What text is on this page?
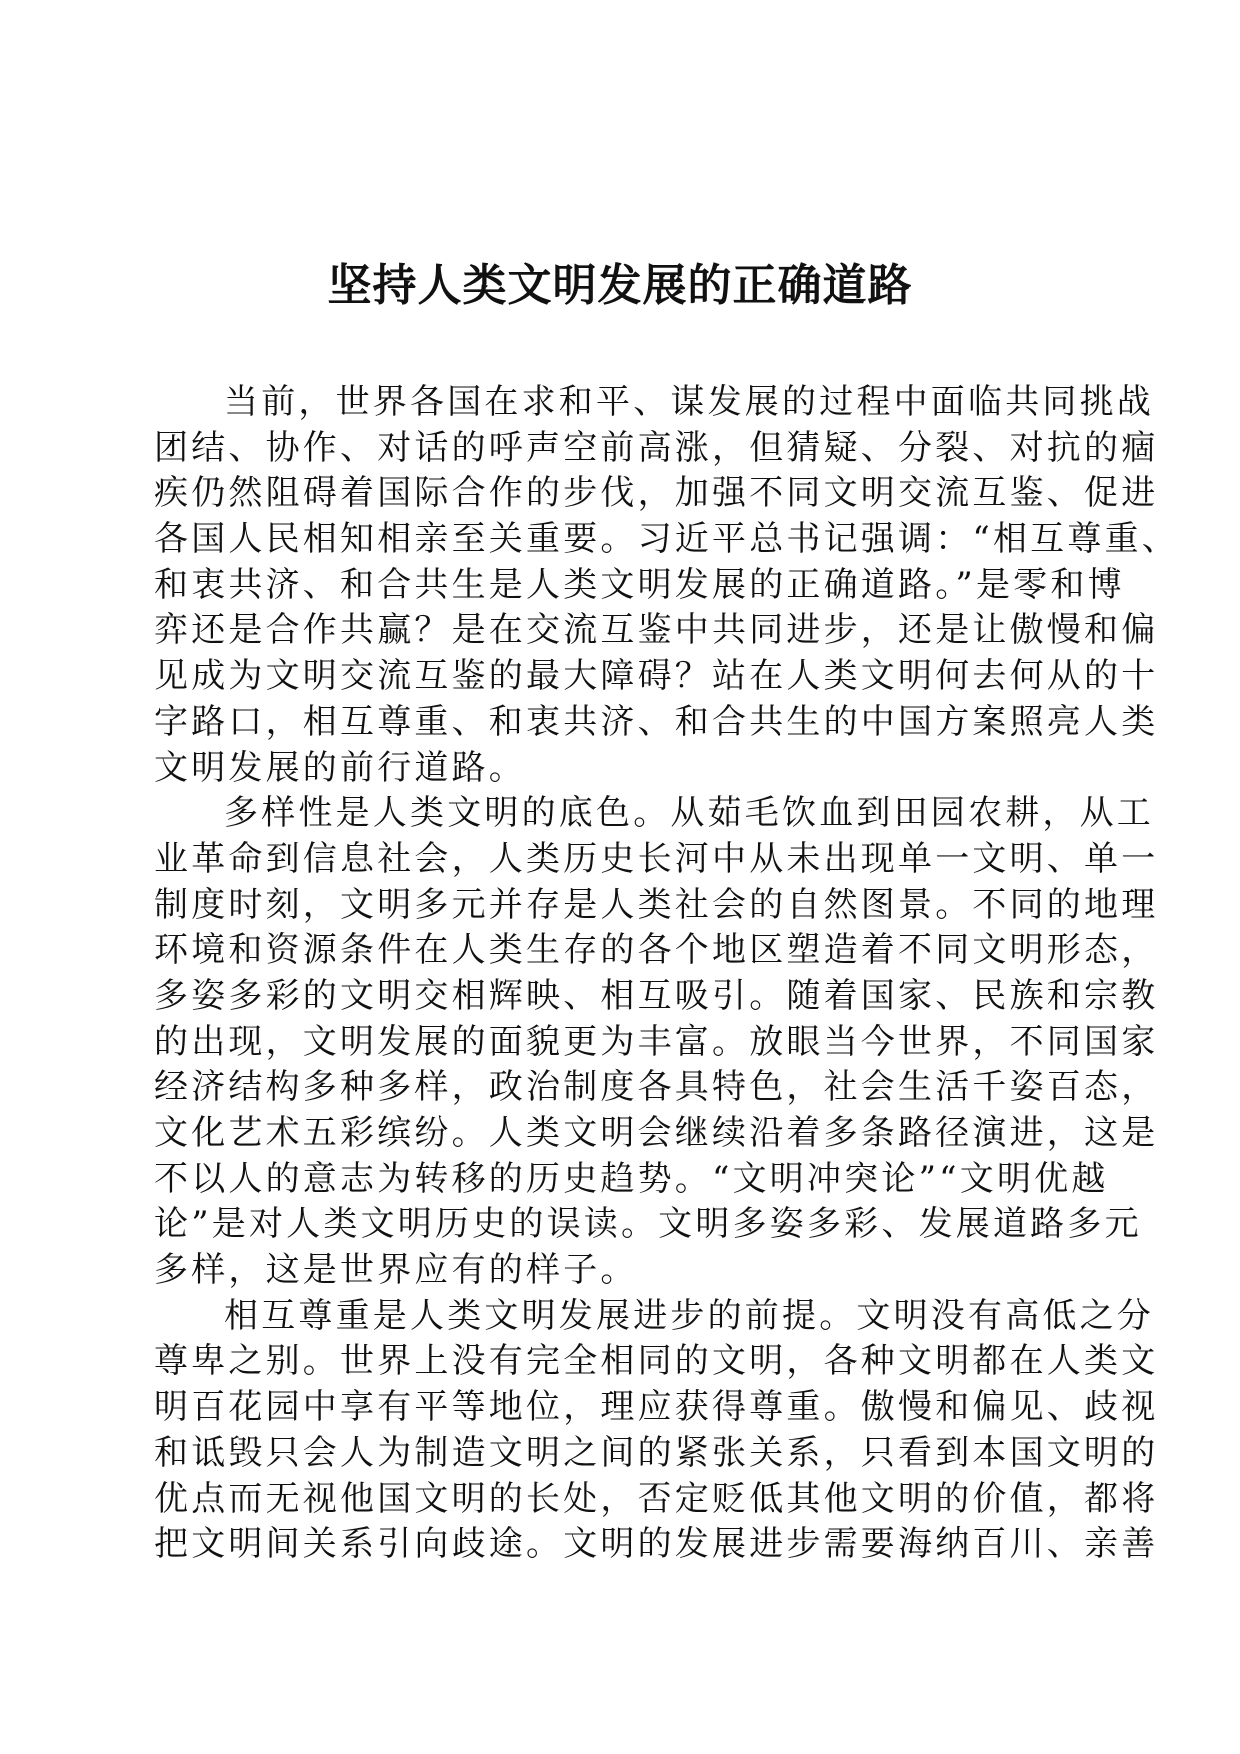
坚持人类文明发展的正确道路
当前，世界各国在求和平、谋发展的过程中面临共同挑战
团结、协作、对话的呼声空前高涨，但猜疑、分裂、对抗的痼
疾仍然阻碍着国际合作的步伐，加强不同文明交流互鉴、促进
各国人民相知相亲至关重要。习近平总书记强调：“相互尊重、
和衷共济、和合共生是人类文明发展的正确道路。”是零和博
弈还是合作共赢？是在交流互鉴中共同进步，还是让傲慢和偏
见成为文明交流互鉴的最大障碍？站在人类文明何去何从的十
字路口，相互尊重、和衷共济、和合共生的中国方案照亮人类
文明发展的前行道路。
多样性是人类文明的底色。从茹毛饮血到田园农耕，从工
业革命到信息社会，人类历史长河中从未出现单一文明、单一
制度时刻，文明多元并存是人类社会的自然图景。不同的地理
环境和资源条件在人类生存的各个地区塑造着不同文明形态，
多姿多彩的文明交相辉映、相互吸引。随着国家、民族和宗教
的出现，文明发展的面貌更为丰富。放眼当今世界，不同国家
经济结构多种多样，政治制度各具特色，社会生活千姿百态，
文化艺术五彩缤纷。人类文明会继续沿着多条路径演进，这是
不以人的意志为转移的历史趋势。“文明冲突论”“文明优越
论”是对人类文明历史的误读。文明多姿多彩、发展道路多元
多样，这是世界应有的样子。
相互尊重是人类文明发展进步的前提。文明没有高低之分
尊卑之别。世界上没有完全相同的文明，各种文明都在人类文
明百花园中享有平等地位，理应获得尊重。傲慢和偏见、歧视
和诋毁只会人为制造文明之间的紧张关系，只看到本国文明的
优点而无视他国文明的长处，否定贬低其他文明的价值，都将
把文明间关系引向歧途。文明的发展进步需要海纳百川、亲善
